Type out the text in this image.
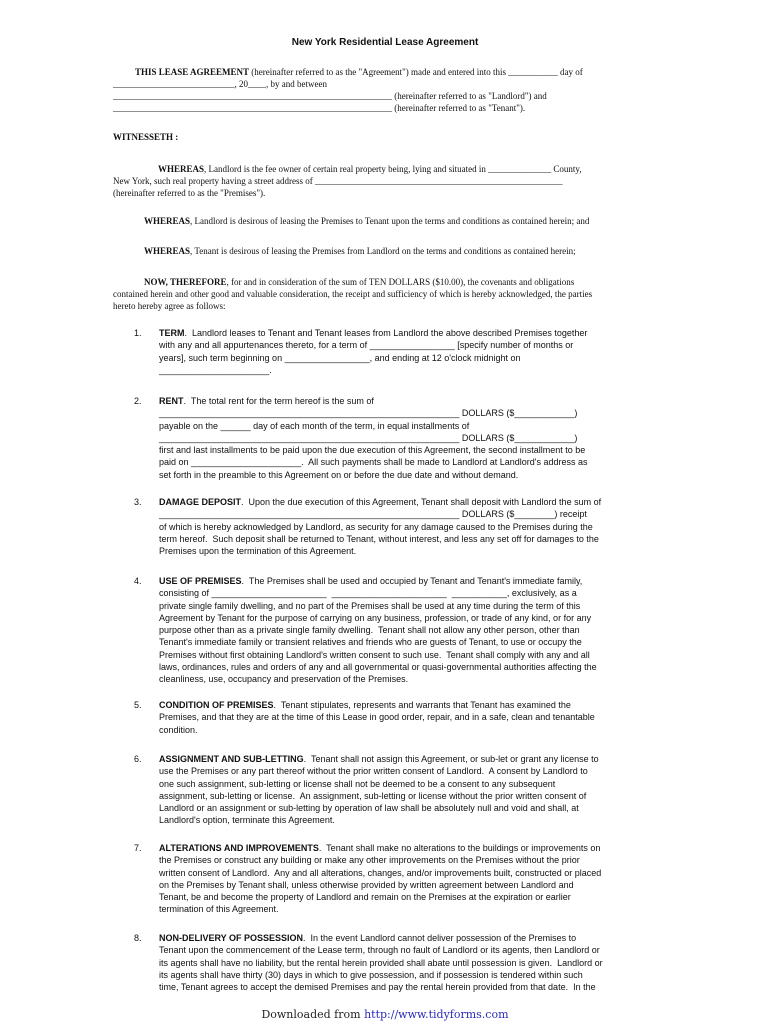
New York Residential Lease Agreement
THIS LEASE AGREEMENT (hereinafter referred to as the "Agreement") made and entered into this ___________ day of
___________________________, 20____, by and between
______________________________________________________________ (hereinafter referred to as "Landlord") and
______________________________________________________________ (hereinafter referred to as "Tenant").
WITNESSETH :
WHEREAS, Landlord is the fee owner of certain real property being, lying and situated in ______________ County,
New York, such real property having a street address of _______________________________________________________
(hereinafter referred to as the "Premises").
WHEREAS, Landlord is desirous of leasing the Premises to Tenant upon the terms and conditions as contained herein; and
WHEREAS, Tenant is desirous of leasing the Premises from Landlord on the terms and conditions as contained herein;
NOW, THEREFORE, for and in consideration of the sum of TEN DOLLARS ($10.00), the covenants and obligations
contained herein and other good and valuable consideration, the receipt and sufficiency of which is hereby acknowledged, the parties
hereto hereby agree as follows:
1. TERM.  Landlord leases to Tenant and Tenant leases from Landlord the above described Premises together
with any and all appurtenances thereto, for a term of _________________ [specify number of months or
years], such term beginning on _________________, and ending at 12 o'clock midnight on
______________________.
2. RENT.  The total rent for the term hereof is the sum of
____________________________________________________________ DOLLARS ($____________)
payable on the ______ day of each month of the term, in equal installments of
____________________________________________________________ DOLLARS ($____________)
first and last installments to be paid upon the due execution of this Agreement, the second installment to be
paid on ______________________.  All such payments shall be made to Landlord at Landlord's address as
set forth in the preamble to this Agreement on or before the due date and without demand.
3. DAMAGE DEPOSIT.  Upon the due execution of this Agreement, Tenant shall deposit with Landlord the sum of
____________________________________________________________ DOLLARS ($________) receipt
of which is hereby acknowledged by Landlord, as security for any damage caused to the Premises during the
term hereof.  Such deposit shall be returned to Tenant, without interest, and less any set off for damages to the
Premises upon the termination of this Agreement.
4. USE OF PREMISES.  The Premises shall be used and occupied by Tenant and Tenant's immediate family,
consisting of _______________________  _______________________  ___________, exclusively, as a
private single family dwelling, and no part of the Premises shall be used at any time during the term of this
Agreement by Tenant for the purpose of carrying on any business, profession, or trade of any kind, or for any
purpose other than as a private single family dwelling.  Tenant shall not allow any other person, other than
Tenant's immediate family or transient relatives and friends who are guests of Tenant, to use or occupy the
Premises without first obtaining Landlord's written consent to such use.  Tenant shall comply with any and all
laws, ordinances, rules and orders of any and all governmental or quasi-governmental authorities affecting the
cleanliness, use, occupancy and preservation of the Premises.
5. CONDITION OF PREMISES.  Tenant stipulates, represents and warrants that Tenant has examined the
Premises, and that they are at the time of this Lease in good order, repair, and in a safe, clean and tenantable
condition.
6. ASSIGNMENT AND SUB-LETTING.  Tenant shall not assign this Agreement, or sub-let or grant any license to
use the Premises or any part thereof without the prior written consent of Landlord.  A consent by Landlord to
one such assignment, sub-letting or license shall not be deemed to be a consent to any subsequent
assignment, sub-letting or license.  An assignment, sub-letting or license without the prior written consent of
Landlord or an assignment or sub-letting by operation of law shall be absolutely null and void and shall, at
Landlord's option, terminate this Agreement.
7. ALTERATIONS AND IMPROVEMENTS.  Tenant shall make no alterations to the buildings or improvements on
the Premises or construct any building or make any other improvements on the Premises without the prior
written consent of Landlord.  Any and all alterations, changes, and/or improvements built, constructed or placed
on the Premises by Tenant shall, unless otherwise provided by written agreement between Landlord and
Tenant, be and become the property of Landlord and remain on the Premises at the expiration or earlier
termination of this Agreement.
8. NON-DELIVERY OF POSSESSION.  In the event Landlord cannot deliver possession of the Premises to
Tenant upon the commencement of the Lease term, through no fault of Landlord or its agents, then Landlord or
its agents shall have no liability, but the rental herein provided shall abate until possession is given.  Landlord or
its agents shall have thirty (30) days in which to give possession, and if possession is tendered within such
time, Tenant agrees to accept the demised Premises and pay the rental herein provided from that date.  In the
Downloaded from http://www.tidyforms.com
